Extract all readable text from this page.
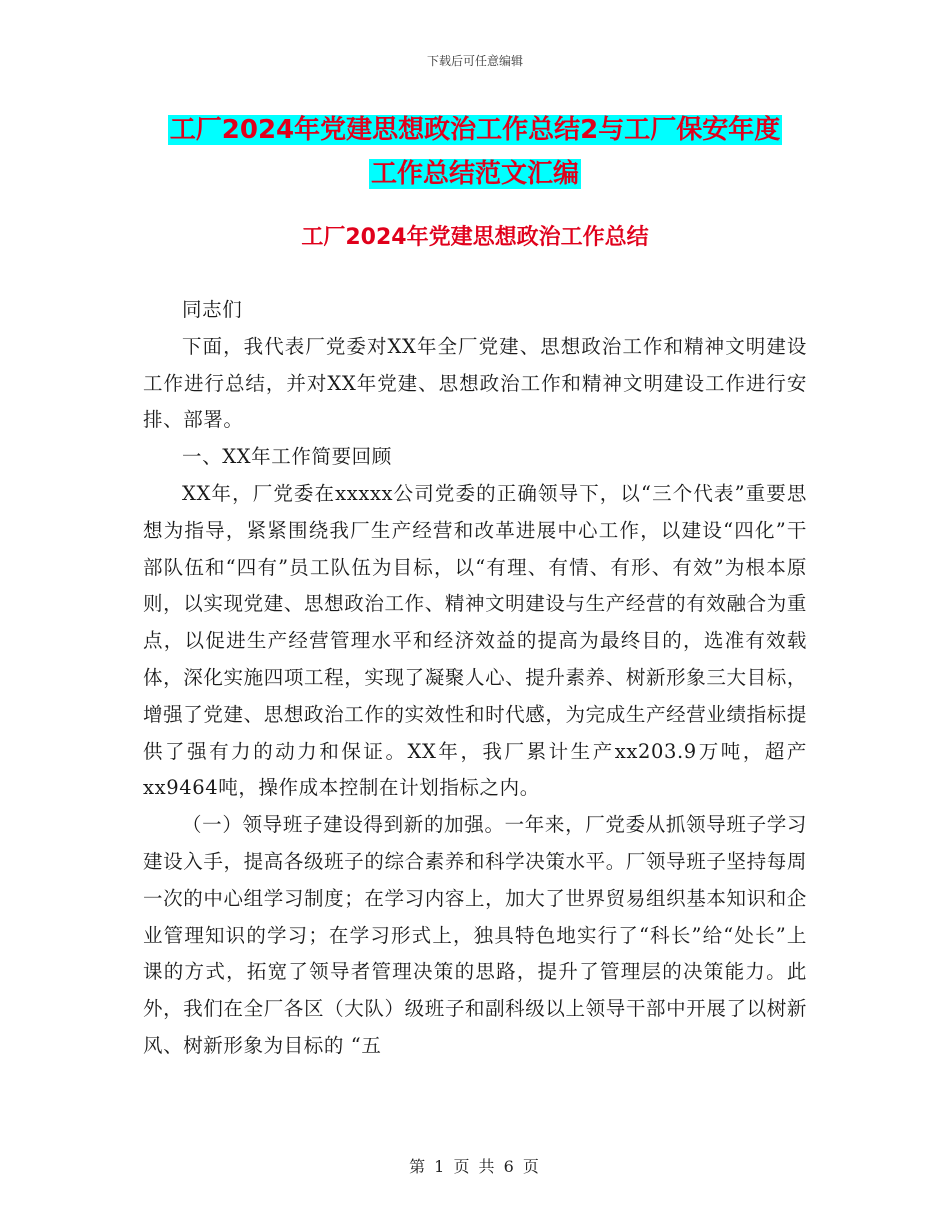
下载后可任意编辑
工厂2024年党建思想政治工作总结2与工厂保安年度
工作总结范文汇编
工厂2024年党建思想政治工作总结

同志们

下面，我代表厂党委对XX年全厂党建、思想政治工作和精神文明建设工作进行总结，并对XX年党建、思想政治工作和精神文明建设工作进行安排、部署。

一、XX年工作简要回顾

XX年，厂党委在xxxxx公司党委的正确领导下，以“三个代表”重要思想为指导，紧紧围绕我厂生产经营和改革进展中心工作，以建设“四化”干部队伍和“四有”员工队伍为目标，以“有理、有情、有形、有效”为根本原则，以实现党建、思想政治工作、精神文明建设与生产经营的有效融合为重点，以促进生产经营管理水平和经济效益的提高为最终目的，选准有效载体，深化实施四项工程，实现了凝聚人心、提升素养、树新形象三大目标，增强了党建、思想政治工作的实效性和时代感，为完成生产经营业绩指标提供了强有力的动力和保证。XX年，我厂累计生产xx203.9万吨，超产xx9464吨，操作成本控制在计划指标之内。

（一）领导班子建设得到新的加强。一年来，厂党委从抓领导班子学习建设入手，提高各级班子的综合素养和科学决策水平。厂领导班子坚持每周一次的中心组学习制度；在学习内容上，加大了世界贸易组织基本知识和企业管理知识的学习；在学习形式上，独具特色地实行了“科长”给“处长”上课的方式，拓宽了领导者管理决策的思路，提升了管理层的决策能力。此外，我们在全厂各区（大队）级班子和副科级以上领导干部中开展了以树新风、树新形象为目标的 “五

第 1 页 共 6 页
